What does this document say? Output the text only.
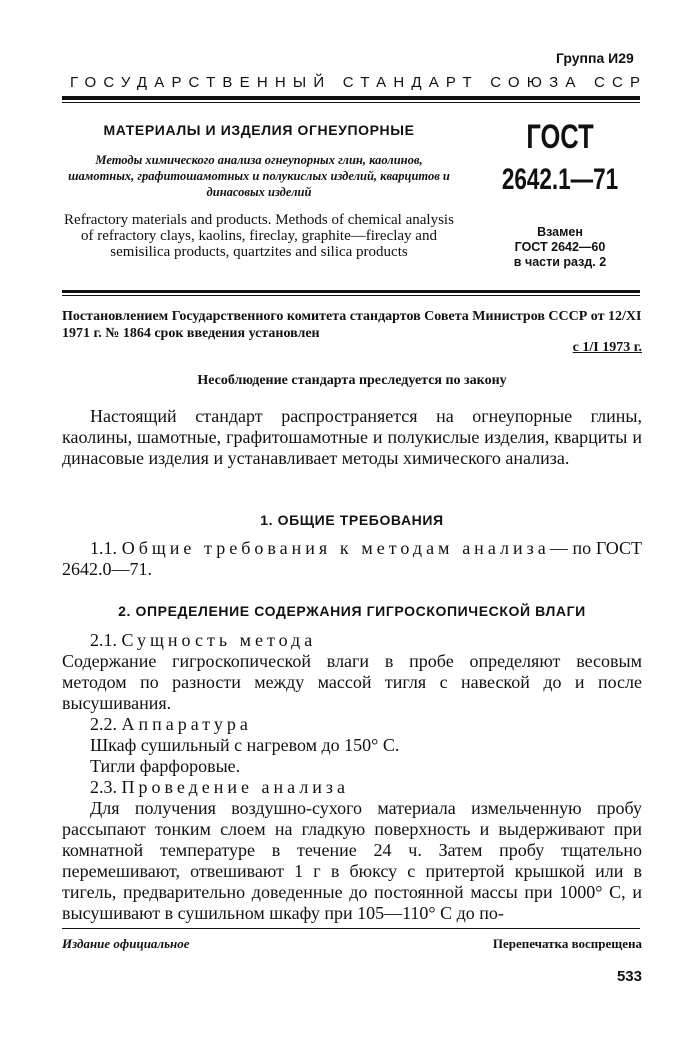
Группа И29
ГОСУДАРСТВЕННЫЙ СТАНДАРТ СОЮЗА ССР
МАТЕРИАЛЫ И ИЗДЕЛИЯ ОГНЕУПОРНЫЕ
Методы химического анализа огнеупорных глин, каолинов, шамотных, графитошамотных и полукислых изделий, кварцитов и динасовых изделий
Refractory materials and products. Methods of chemical analysis of refractory clays, kaolins, fireclay, graphite—fireclay and semisilica products, quartzites and silica products
ГОСТ
2642.1—71
Взамен
ГОСТ 2642—60
в части разд. 2
Постановлением Государственного комитета стандартов Совета Министров СССР от 12/XI 1971 г. № 1864 срок введения установлен
с 1/I 1973 г.
Несоблюдение стандарта преследуется по закону
Настоящий стандарт распространяется на огнеупорные глины, каолины, шамотные, графитошамотные и полукислые изделия, кварциты и динасовые изделия и устанавливает методы химического анализа.
1. ОБЩИЕ ТРЕБОВАНИЯ
1.1. Общие требования к методам анализа— по ГОСТ 2642.0—71.
2. ОПРЕДЕЛЕНИЕ СОДЕРЖАНИЯ ГИГРОСКОПИЧЕСКОЙ ВЛАГИ
2.1. Сущность метода
Содержание гигроскопической влаги в пробе определяют весовым методом по разности между массой тигля с навеской до и после высушивания.
2.2. Аппаратура
Шкаф сушильный с нагревом до 150° С.
Тигли фарфоровые.
2.3. Проведение анализа
Для получения воздушно-сухого материала измельченную пробу рассыпают тонким слоем на гладкую поверхность и выдерживают при комнатной температуре в течение 24 ч. Затем пробу тщательно перемешивают, отвешивают 1 г в бюксу с притертой крышкой или в тигель, предварительно доведенные до постоянной массы при 1000° С, и высушивают в сушильном шкафу при 105—110° С до по-
Издание официальное	Перепечатка воспрещена
533
